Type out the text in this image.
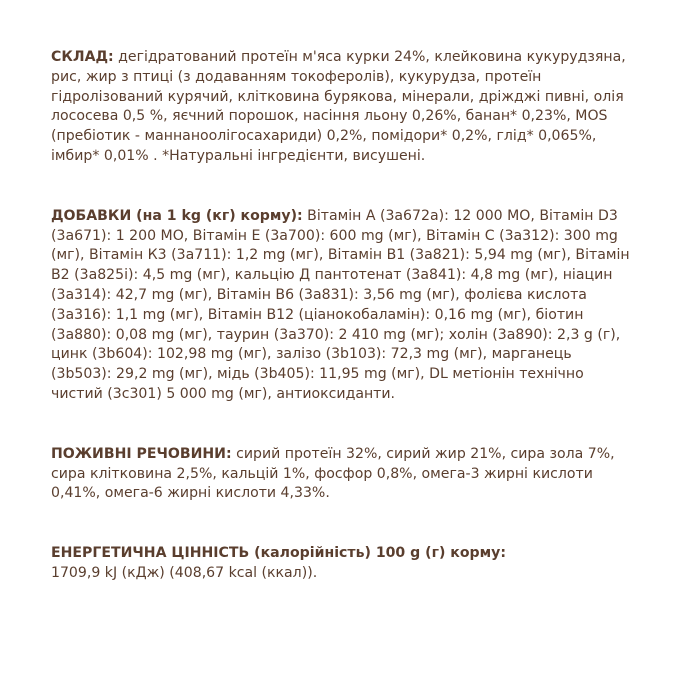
СКЛАД: дегідратований протеїн м'яса курки 24%, клейковина кукурудзяна, рис, жир з птиці (з додаванням токоферолів), кукурудза, протеїн гідролізований курячий, клітковина бурякова, мінерали, дріжджі пивні, олія лососева 0,5 %, яєчний порошок, насіння льону 0,26%, банан* 0,23%, MOS (пребіотик - маннаноолігосахариди) 0,2%, помідори* 0,2%, глід* 0,065%, імбир* 0,01% . *Натуральні інгредієнти, висушені.

ДОБАВКИ (на 1 kg (кг) корму): Вітамін А (3a672a): 12 000 МО, Вітамін D3 (3a671): 1 200 МО, Вітамін Е (3a700): 600 mg (мг), Вітамін С (3a312): 300 mg (мг), Вітамін К3 (3a711): 1,2 mg (мг), Вітамін В1 (3a821): 5,94 mg (мг), Вітамін В2 (3a825i): 4,5 mg (мг), кальцію Д пантотенат (3a841): 4,8 mg (мг), ніацин (3a314): 42,7 mg (мг), Вітамін В6 (3a831): 3,56 mg (мг), фолієва кислота (3a316): 1,1 mg (мг), Вітамін В12 (ціанокобаламін): 0,16 mg (мг), біотин (3a880): 0,08 mg (мг), таурин (3a370): 2 410 mg (мг); холін (3a890): 2,3 g (г), цинк (3b604): 102,98 mg (мг), залізо (3b103): 72,3 mg (мг), марганець (3b503): 29,2 mg (мг), мідь (3b405): 11,95 mg (мг), DL метіонін технічно чистий (3c301) 5 000 mg (мг), антиоксиданти.

ПОЖИВНІ РЕЧОВИНИ: сирий протеїн 32%, сирий жир 21%, сира зола 7%, сира клітковина 2,5%, кальцій 1%, фосфор 0,8%, омега-3 жирні кислоти 0,41%, омега-6 жирні кислоти 4,33%.

ЕНЕРГЕТИЧНА ЦІННІСТЬ (калорійність) 100 g (г) корму:
1709,9 kJ (кДж) (408,67 kcal (ккал)).
